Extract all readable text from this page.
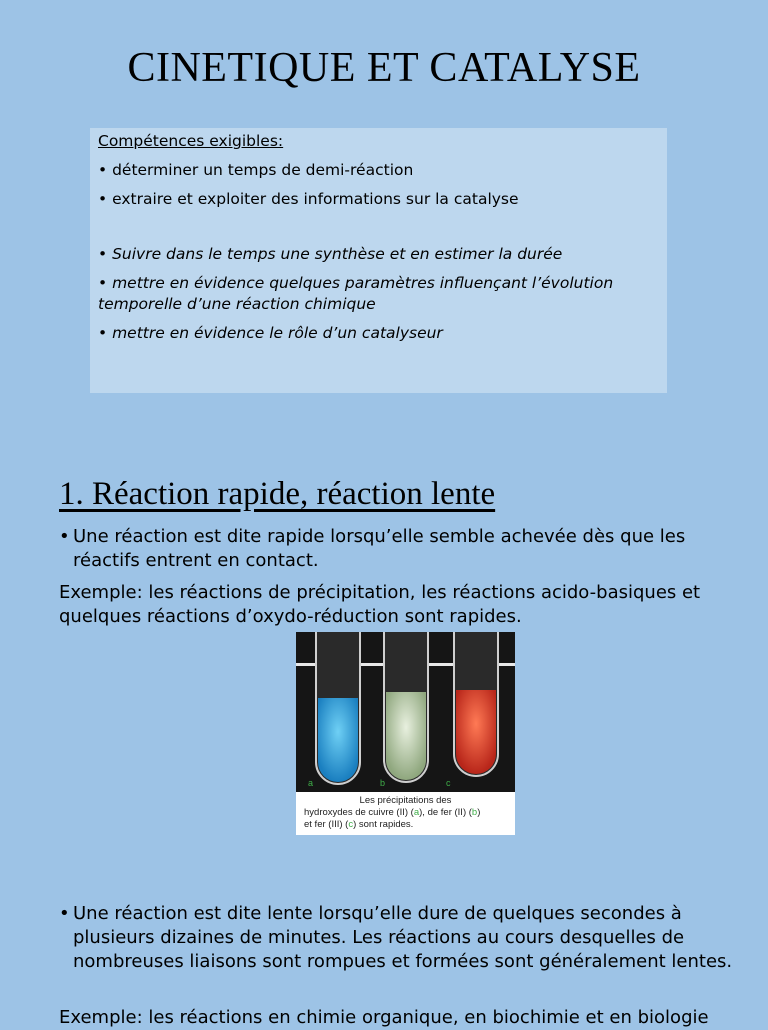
CINETIQUE ET CATALYSE
Compétences exigibles:

• déterminer un temps de demi-réaction

• extraire et exploiter des informations sur la catalyse

• Suivre dans le temps une synthèse et en estimer la durée

• mettre en évidence quelques paramètres influençant l’évolution temporelle d’une réaction chimique

• mettre en évidence le rôle d’un catalyseur

1. Réaction rapide, réaction lente
• Une réaction est dite rapide lorsqu’elle semble achevée dès que les réactifs entrent en contact.
Exemple: les réactions de précipitation, les réactions acido-basiques et quelques réactions d’oxydo-réduction sont rapides.
a	b	c
Les précipitations des
hydroxydes de cuivre (II) (a), de fer (II) (b)
et fer (III) (c) sont rapides.
• Une réaction est dite lente lorsqu’elle dure de quelques secondes à plusieurs dizaines de minutes. Les réactions au cours desquelles de nombreuses liaisons sont rompues et formées sont généralement lentes.
Exemple: les réactions en chimie organique, en biochimie et en biologie
